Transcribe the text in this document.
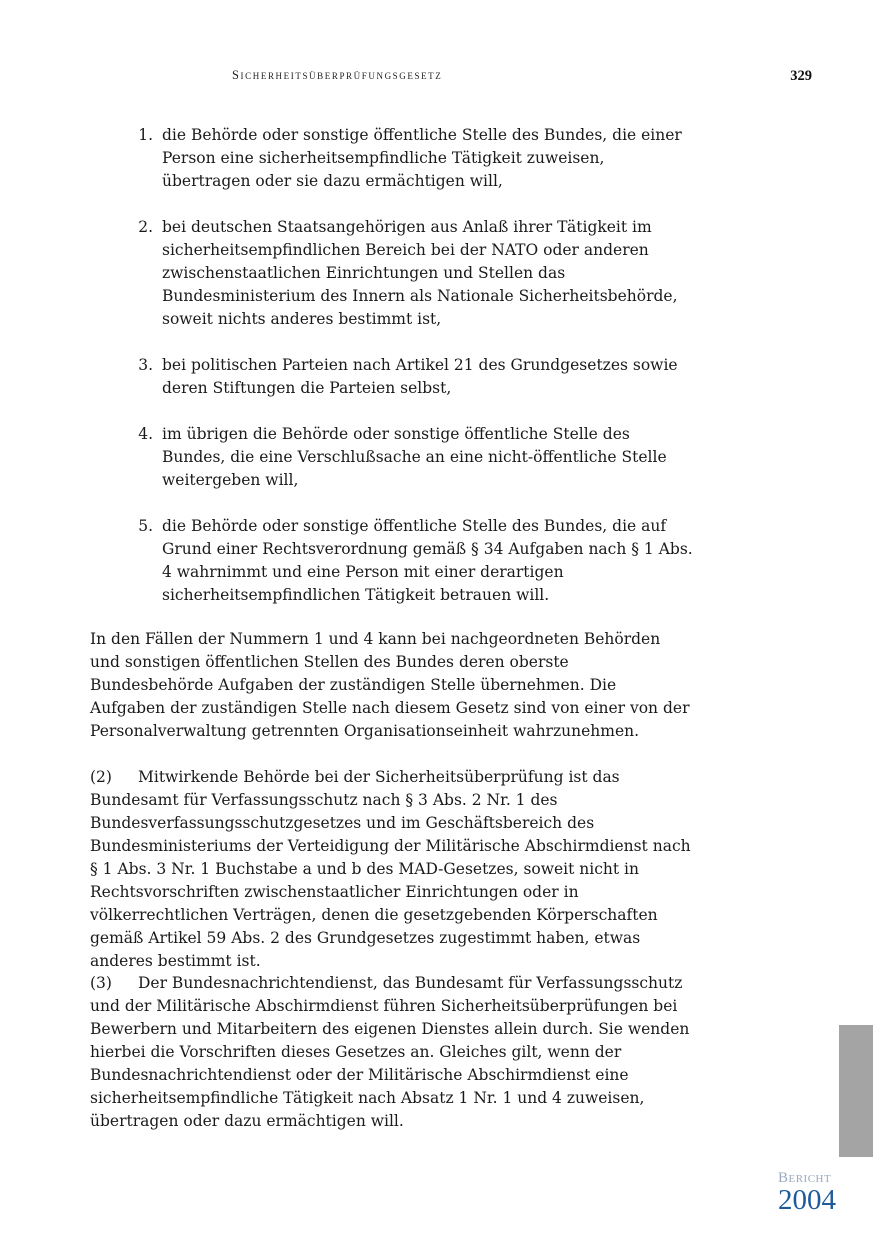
Sicherheitsüberprüfungsgesetz	329
1. die Behörde oder sonstige öffentliche Stelle des Bundes, die einer Person eine sicherheitsempfindliche Tätigkeit zuweisen, übertragen oder sie dazu ermächtigen will,
2. bei deutschen Staatsangehörigen aus Anlaß ihrer Tätigkeit im sicherheitsempfindlichen Bereich bei der NATO oder anderen zwischenstaatlichen Einrichtungen und Stellen das Bundesministerium des Innern als Nationale Sicherheitsbehörde, soweit nichts anderes bestimmt ist,
3. bei politischen Parteien nach Artikel 21 des Grundgesetzes sowie deren Stiftungen die Parteien selbst,
4. im übrigen die Behörde oder sonstige öffentliche Stelle des Bundes, die eine Verschlußsache an eine nicht-öffentliche Stelle weitergeben will,
5. die Behörde oder sonstige öffentliche Stelle des Bundes, die auf Grund einer Rechtsverordnung gemäß § 34 Aufgaben nach § 1 Abs. 4 wahrnimmt und eine Person mit einer derartigen sicherheitsempfindlichen Tätigkeit betrauen will.

In den Fällen der Nummern 1 und 4 kann bei nachgeordneten Behörden und sonstigen öffentlichen Stellen des Bundes deren oberste Bundesbehörde Aufgaben der zuständigen Stelle übernehmen. Die Aufgaben der zuständigen Stelle nach diesem Gesetz sind von einer von der Personalverwaltung getrennten Organisationseinheit wahrzunehmen.

(2) Mitwirkende Behörde bei der Sicherheitsüberprüfung ist das Bundesamt für Verfassungsschutz nach § 3 Abs. 2 Nr. 1 des Bundesverfassungsschutzgesetzes und im Geschäftsbereich des Bundesministeriums der Verteidigung der Militärische Abschirmdienst nach § 1 Abs. 3 Nr. 1 Buchstabe a und b des MAD-Gesetzes, soweit nicht in Rechtsvorschriften zwischenstaatlicher Einrichtungen oder in völkerrechtlichen Verträgen, denen die gesetzgebenden Körperschaften gemäß Artikel 59 Abs. 2 des Grundgesetzes zugestimmt haben, etwas anderes bestimmt ist.

(3) Der Bundesnachrichtendienst, das Bundesamt für Verfassungsschutz und der Militärische Abschirmdienst führen Sicherheitsüberprüfungen bei Bewerbern und Mitarbeitern des eigenen Dienstes allein durch. Sie wenden hierbei die Vorschriften dieses Gesetzes an. Gleiches gilt, wenn der Bundesnachrichtendienst oder der Militärische Abschirmdienst eine sicherheitsempfindliche Tätigkeit nach Absatz 1 Nr. 1 und 4 zuweisen, übertragen oder dazu ermächtigen will.

Bericht
2004
